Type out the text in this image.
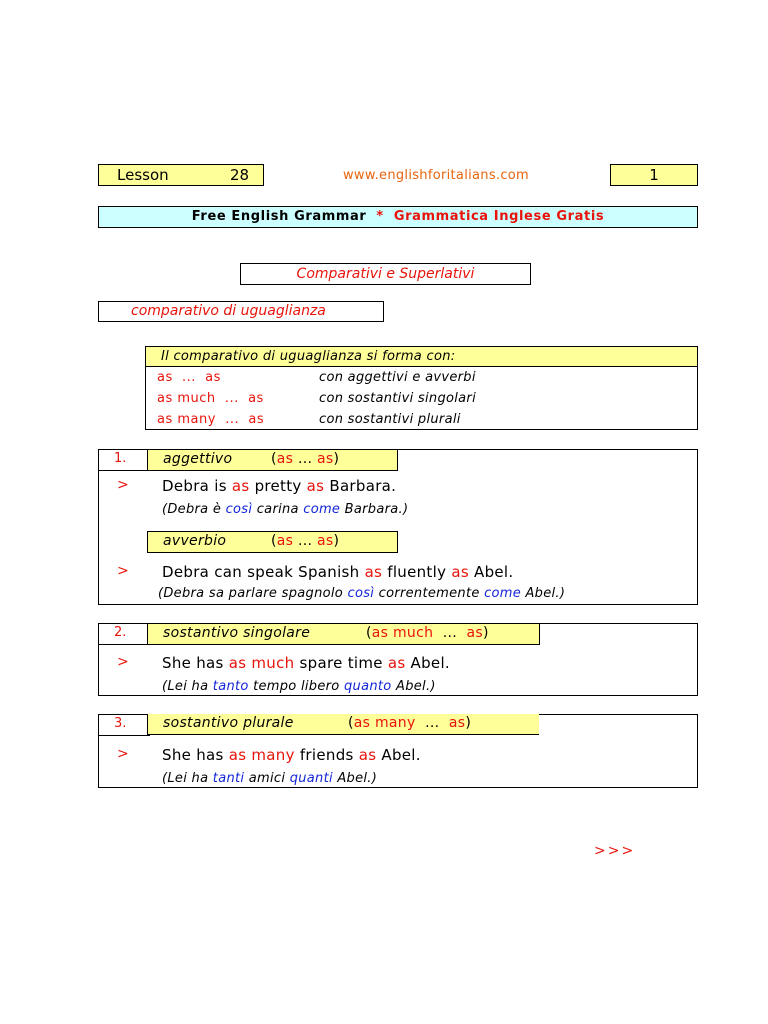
Lesson	28	www.englishforitalians.com	1
Free English Grammar * Grammatica Inglese Gratis
Comparativi e Superlativi
comparativo di uguaglianza
Il comparativo di uguaglianza si forma con:
as  ...  as	con aggettivi e avverbi
as much  ...  as	con sostantivi singolari
as many  ...  as	con sostantivi plurali
1.	aggettivo	(as ... as)
> Debra is as pretty as Barbara.
(Debra è così carina come Barbara.)
avverbio	(as ... as)
> Debra can speak Spanish as fluently as Abel.
(Debra sa parlare spagnolo così correntemente come Abel.)
2.	sostantivo singolare	(as much  ...  as)
> She has as much spare time as Abel.
(Lei ha tanto tempo libero quanto Abel.)
3.	sostantivo plurale	(as many  ...  as)
> She has as many friends as Abel.
(Lei ha tanti amici quanti Abel.)
>>>
